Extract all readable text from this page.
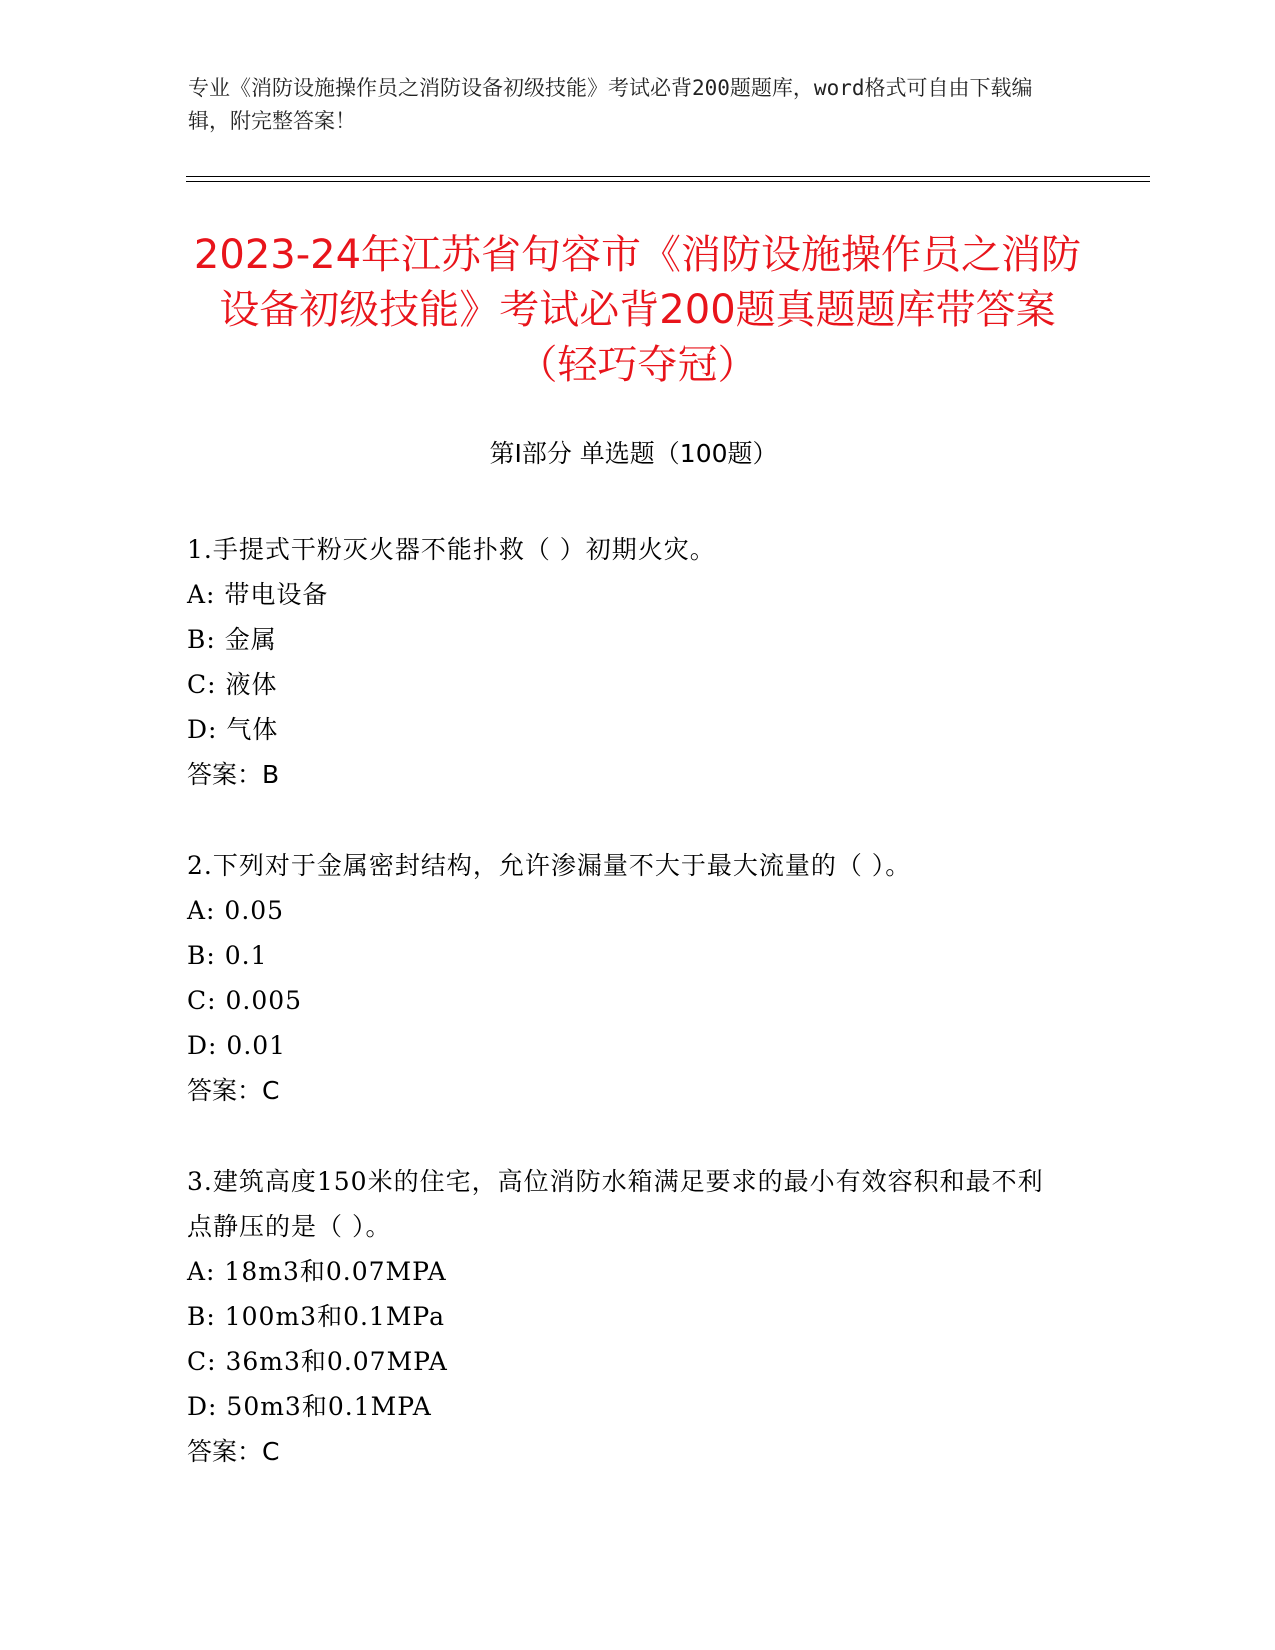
专业《消防设施操作员之消防设备初级技能》考试必背200题题库，word格式可自由下载编辑，附完整答案！
2023-24年江苏省句容市《消防设施操作员之消防设备初级技能》考试必背200题真题题库带答案（轻巧夺冠）
第Ⅰ部分 单选题（100题）

1.手提式干粉灭火器不能扑救（ ）初期火灾。

A: 带电设备

B: 金属

C: 液体

D: 气体

答案：B

2.下列对于金属密封结构，允许渗漏量不大于最大流量的（ ）。

A: 0.05

B: 0.1

C: 0.005

D: 0.01

答案：C

3.建筑高度150米的住宅，高位消防水箱满足要求的最小有效容积和最不利点静压的是（ ）。

A: 18m3和0.07MPA

B: 100m3和0.1MPa

C: 36m3和0.07MPA

D: 50m3和0.1MPA

答案：C
